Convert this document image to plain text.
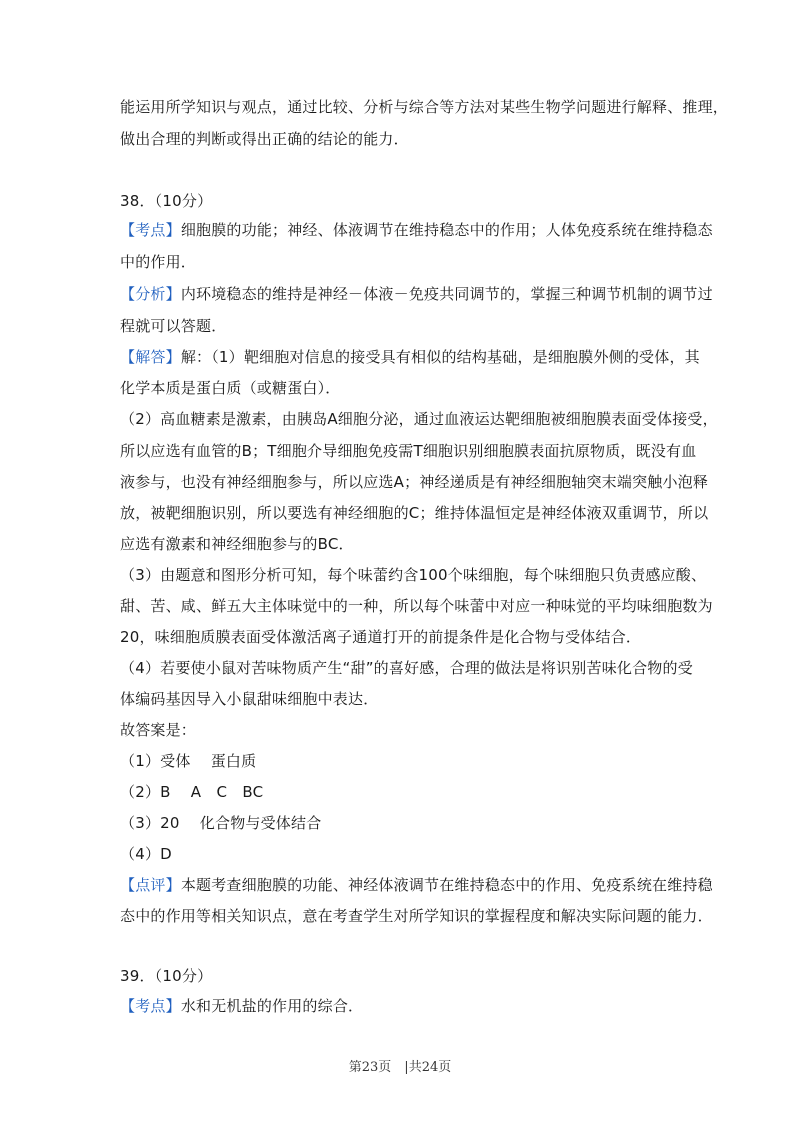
能运用所学知识与观点，通过比较、分析与综合等方法对某些生物学问题进行解释、推理，
做出合理的判断或得出正确的结论的能力．
38．（10分）
【考点】细胞膜的功能；神经、体液调节在维持稳态中的作用；人体免疫系统在维持稳态
中的作用．
【分析】内环境稳态的维持是神经－体液－免疫共同调节的，掌握三种调节机制的调节过
程就可以答题．
【解答】解：（1）靶细胞对信息的接受具有相似的结构基础，是细胞膜外侧的受体，其
化学本质是蛋白质（或糖蛋白）．
（2）高血糖素是激素，由胰岛A细胞分泌，通过血液运达靶细胞被细胞膜表面受体接受，
所以应选有血管的B；T细胞介导细胞免疫需T细胞识别细胞膜表面抗原物质，既没有血
液参与，也没有神经细胞参与，所以应选A；神经递质是有神经细胞轴突末端突触小泡释
放，被靶细胞识别，所以要选有神经细胞的C；维持体温恒定是神经体液双重调节，所以
应选有激素和神经细胞参与的BC．
（3）由题意和图形分析可知，每个味蕾约含100个味细胞，每个味细胞只负责感应酸、
甜、苦、咸、鲜五大主体味觉中的一种，所以每个味蕾中对应一种味觉的平均味细胞数为
20，味细胞质膜表面受体激活离子通道打开的前提条件是化合物与受体结合．
（4）若要使小鼠对苦味物质产生“甜”的喜好感，合理的做法是将识别苦味化合物的受
体编码基因导入小鼠甜味细胞中表达．
故答案是：
（1）受体　 蛋白质
（2）B　 A　C　BC
（3）20　 化合物与受体结合
（4）D
【点评】本题考查细胞膜的功能、神经体液调节在维持稳态中的作用、免疫系统在维持稳
态中的作用等相关知识点，意在考查学生对所学知识的掌握程度和解决实际问题的能力．
39．（10分）
【考点】水和无机盐的作用的综合．
第23页　|共24页
